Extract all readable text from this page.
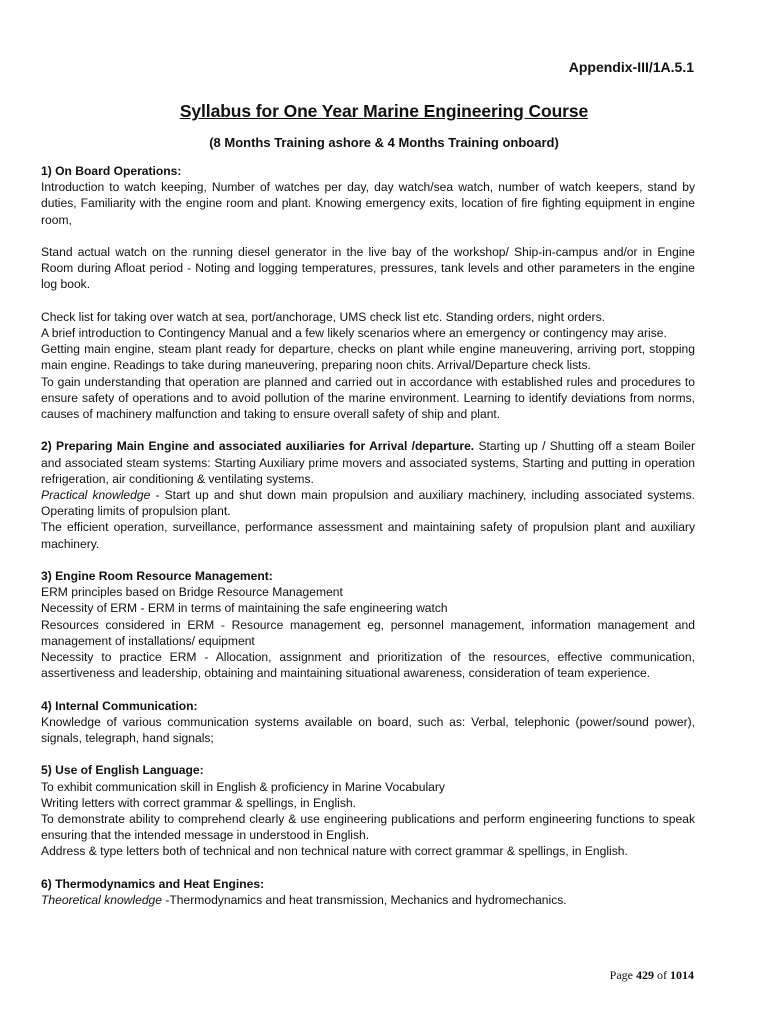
Appendix-III/1A.5.1
Syllabus for One Year Marine Engineering Course
(8 Months Training ashore & 4 Months Training onboard)

1) On Board Operations:

Introduction to watch keeping, Number of watches per day, day watch/sea watch, number of watch keepers, stand by duties, Familiarity with the engine room and plant. Knowing emergency exits, location of fire fighting equipment in engine room,

Stand actual watch on the running diesel generator in the live bay of the workshop/ Ship-in-campus and/or in Engine Room during Afloat period - Noting and logging temperatures, pressures, tank levels and other parameters in the engine log book.

Check list for taking over watch at sea, port/anchorage, UMS check list etc. Standing orders, night orders.

A brief introduction to Contingency Manual and a few likely scenarios where an emergency or contingency may arise.

Getting main engine, steam plant ready for departure, checks on plant while engine maneuvering, arriving port, stopping main engine. Readings to take during maneuvering, preparing noon chits. Arrival/Departure check lists.

To gain understanding that operation are planned and carried out in accordance with established rules and procedures to ensure safety of operations and to avoid pollution of the marine environment. Learning to identify deviations from norms, causes of machinery malfunction and taking to ensure overall safety of ship and plant.

2) Preparing Main Engine and associated auxiliaries for Arrival /departure. Starting up / Shutting off a steam Boiler and associated steam systems: Starting Auxiliary prime movers and associated systems, Starting and putting in operation refrigeration, air conditioning & ventilating systems.

Practical knowledge - Start up and shut down main propulsion and auxiliary machinery, including associated systems. Operating limits of propulsion plant.

The efficient operation, surveillance, performance assessment and maintaining safety of propulsion plant and auxiliary machinery.

3) Engine Room Resource Management:

ERM principles based on Bridge Resource Management

Necessity of ERM - ERM in terms of maintaining the safe engineering watch

Resources considered in ERM - Resource management eg, personnel management, information management and management of installations/ equipment

Necessity to practice ERM - Allocation, assignment and prioritization of the resources, effective communication, assertiveness and leadership, obtaining and maintaining situational awareness, consideration of team experience.

4) Internal Communication:

Knowledge of various communication systems available on board, such as: Verbal, telephonic (power/sound power), signals, telegraph, hand signals;

5) Use of English Language:

To exhibit communication skill in English & proficiency in Marine Vocabulary

Writing letters with correct grammar & spellings, in English.

To demonstrate ability to comprehend clearly & use engineering publications and perform engineering functions to speak ensuring that the intended message in understood in English.

Address & type letters both of technical and non technical nature with correct grammar & spellings, in English.

6) Thermodynamics and Heat Engines:

Theoretical knowledge -Thermodynamics and heat transmission, Mechanics and hydromechanics.

Page 429 of 1014
